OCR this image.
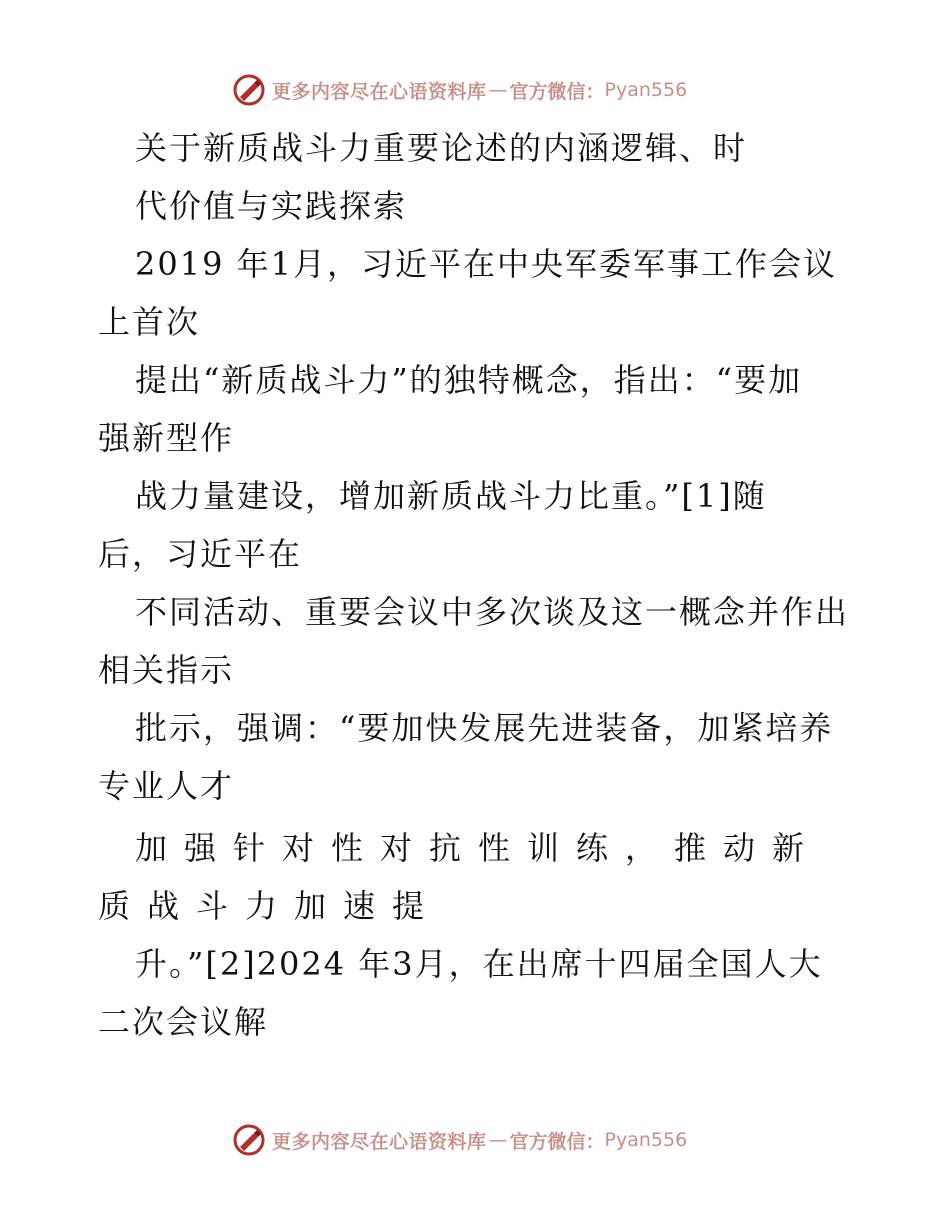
更多内容尽在心语资料库 — 官方微信： Pyan556
关于新质战斗力重要论述的内涵逻辑、时
代价值与实践探索
2019 年1月，习近平在中央军委军事工作会议
上首次
提出“新质战斗力”的独特概念，指出：“要加
强新型作
战力量建设，增加新质战斗力比重。”[1]随
后，习近平在
不同活动、重要会议中多次谈及这一概念并作出
相关指示
批示，强调：“要加快发展先进装备，加紧培养
专业人才
加强针对性对抗性训练，推动新
质战斗力加速提
升。”[2]2024 年3月，在出席十四届全国人大
二次会议解
更多内容尽在心语资料库 — 官方微信： Pyan556
